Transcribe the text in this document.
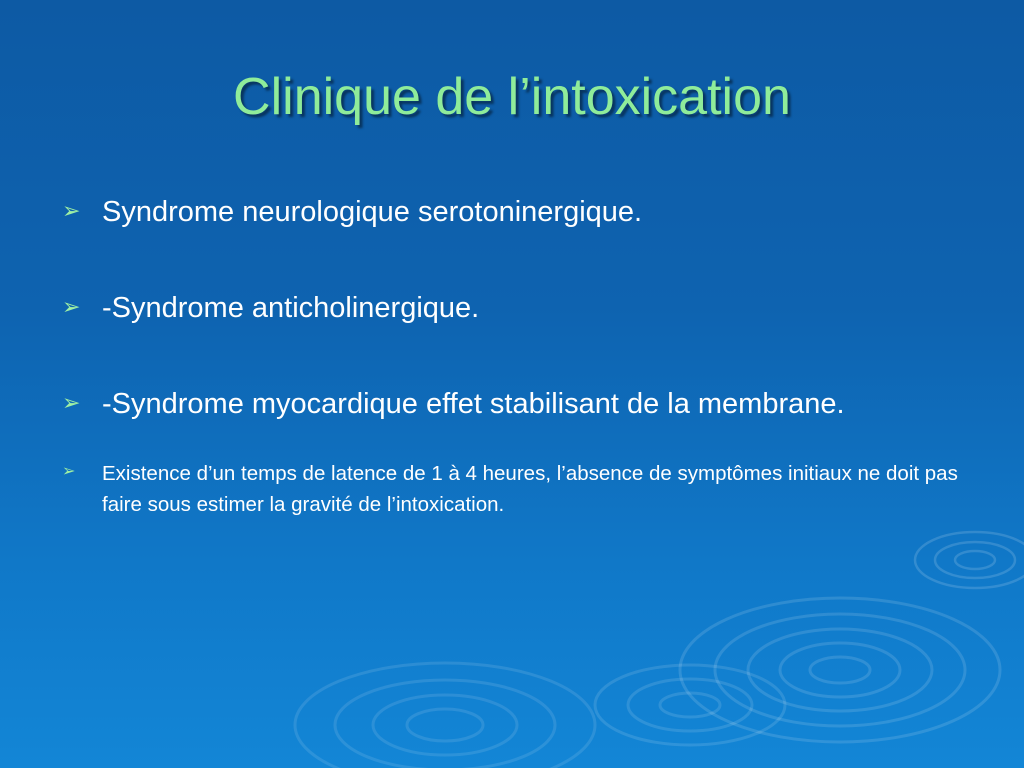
Clinique de l’intoxication
➢ Syndrome neurologique serotoninergique.
➢ -Syndrome anticholinergique.
➢ -Syndrome myocardique effet stabilisant de la membrane.
➢ Existence d’un temps de latence de 1 à 4 heures, l’absence de symptômes initiaux ne doit pas faire sous estimer la gravité de l’intoxication.
